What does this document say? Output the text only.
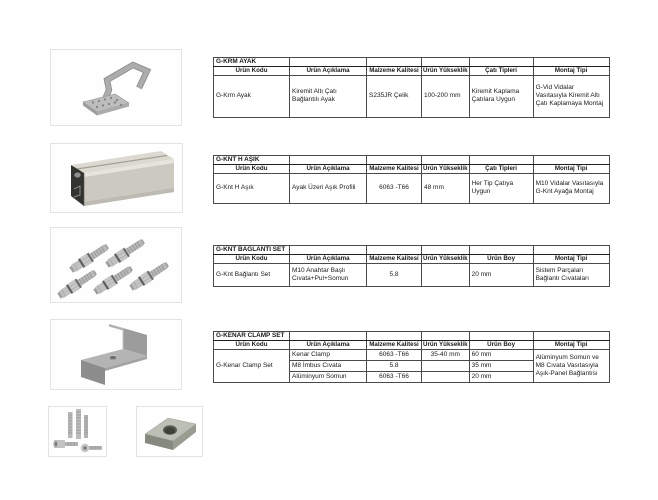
G-KRM AYAK					
Ürün Kodu	Ürün Açıklama	Malzeme Kalitesi	Ürün Yükseklik	Çatı Tipleri	Montaj Tipi
G-Krm Ayak	Kiremit Altı Çatı Bağlantılı Ayak	S235JR Çelik	100-200 mm	Kiremit Kaplama Çatılara Uygun	G-Vid Vidalar Vasıtasıyla Kiremit Altı Çatı Kaplamaya Montaj
G-KNT H AŞIK					
Ürün Kodu	Ürün Açıklama	Malzeme Kalitesi	Ürün Yükseklik	Çatı Tipleri	Montaj Tipi
G-Knt H Aşık	Ayak Üzeri Aşık Profili	6063 -T66	48 mm	Her Tip Çatıya Uygun	M10 Vidalar Vasıtasıyla G-Knt Ayağa Montaj
G-KNT BAĞLANTI SET					
Ürün Kodu	Ürün Açıklama	Malzeme Kalitesi	Ürün Yükseklik	Ürün Boy	Montaj Tipi
G-Knt Bağlantı Set	M10 Anahtar Başlı Cıvata+Pul+Somun	5.8		20 mm	Sistem Parçaları Bağlantı Cıvataları
G-KENAR CLAMP SET					
Ürün Kodu	Ürün Açıklama	Malzeme Kalitesi	Ürün Yükseklik	Ürün Boy	Montaj Tipi
G-Kenar Clamp Set	Kenar Clamp	6063 -T66	35-40 mm	60 mm	Alüminyum Somun ve M8 Cıvata Vasıtasıyla Aşık-Panel Bağlantısı
	M8 İmbus Cıvata	5.8		35 mm	
	Alüminyum Somun	6063 -T66		20 mm	
